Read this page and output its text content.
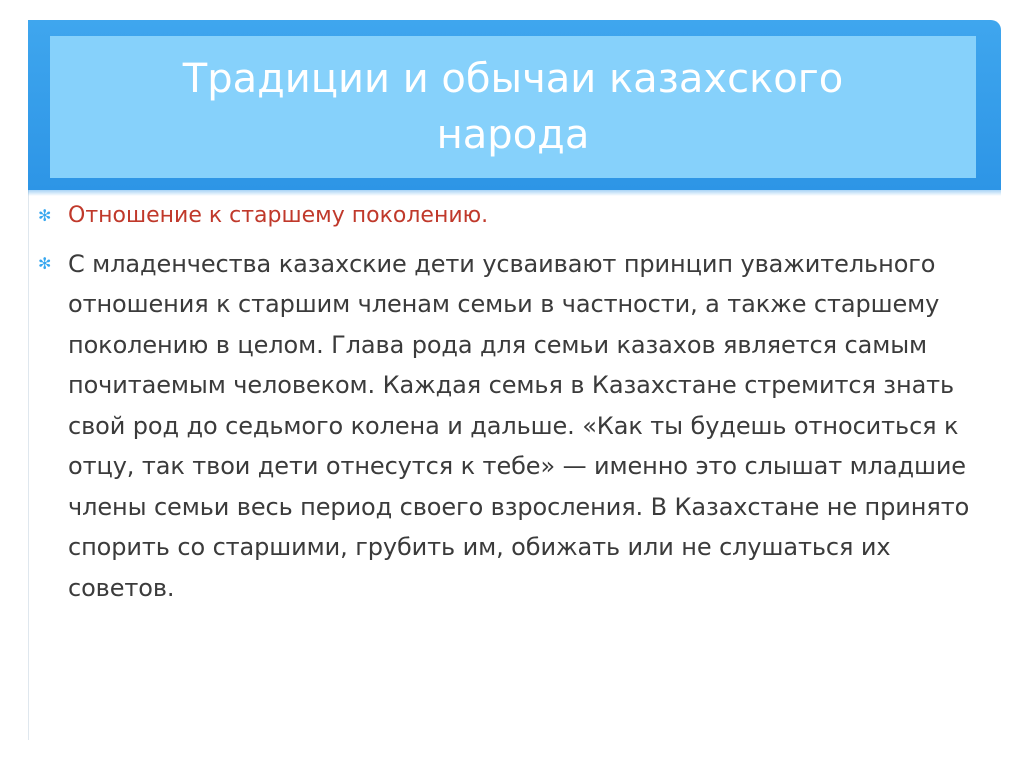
Традиции и обычаи казахского народа
✻ Отношение к старшему поколению.
✻ С младенчества казахские дети усваивают принцип уважительного отношения к старшим членам семьи в частности, а также старшему поколению в целом. Глава рода для семьи казахов является самым почитаемым человеком. Каждая семья в Казахстане стремится знать свой род до седьмого колена и дальше. «Как ты будешь относиться к отцу, так твои дети отнесутся к тебе» — именно это слышат младшие члены семьи весь период своего взросления. В Казахстане не принято спорить со старшими, грубить им, обижать или не слушаться их советов.
